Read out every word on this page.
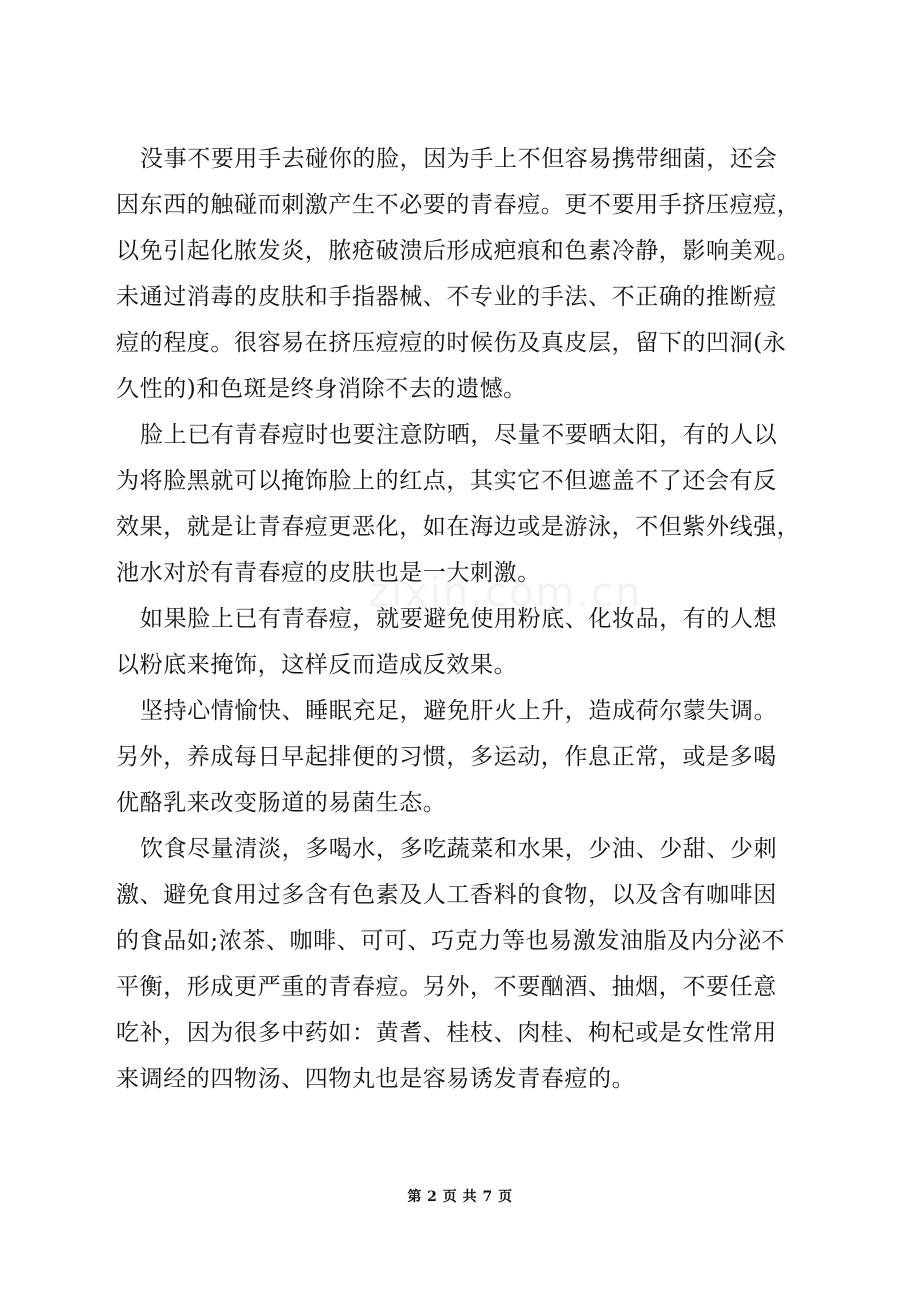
没事不要用手去碰你的脸，因为手上不但容易携带细菌，还会
因东西的触碰而刺激产生不必要的青春痘。更不要用手挤压痘痘，
以免引起化脓发炎，脓疮破溃后形成疤痕和色素冷静，影响美观。
未通过消毒的皮肤和手指器械、不专业的手法、不正确的推断痘
痘的程度。很容易在挤压痘痘的时候伤及真皮层，留下的凹洞(永
久性的)和色斑是终身消除不去的遗憾。
脸上已有青春痘时也要注意防晒，尽量不要晒太阳，有的人以
为将脸黑就可以掩饰脸上的红点，其实它不但遮盖不了还会有反
效果，就是让青春痘更恶化，如在海边或是游泳，不但紫外线强，
池水对於有青春痘的皮肤也是一大刺激。
如果脸上已有青春痘，就要避免使用粉底、化妆品，有的人想
以粉底来掩饰，这样反而造成反效果。
坚持心情愉快、睡眠充足，避免肝火上升，造成荷尔蒙失调。
另外，养成每日早起排便的习惯，多运动，作息正常，或是多喝
优酪乳来改变肠道的易菌生态。
饮食尽量清淡，多喝水，多吃蔬菜和水果，少油、少甜、少刺
激、避免食用过多含有色素及人工香料的食物，以及含有咖啡因
的食品如;浓茶、咖啡、可可、巧克力等也易激发油脂及内分泌不
平衡，形成更严重的青春痘。另外，不要酗酒、抽烟，不要任意
吃补，因为很多中药如：黄耆、桂枝、肉桂、枸杞或是女性常用
来调经的四物汤、四物丸也是容易诱发青春痘的。
zixin.com.cn
第 2 页 共 7 页
